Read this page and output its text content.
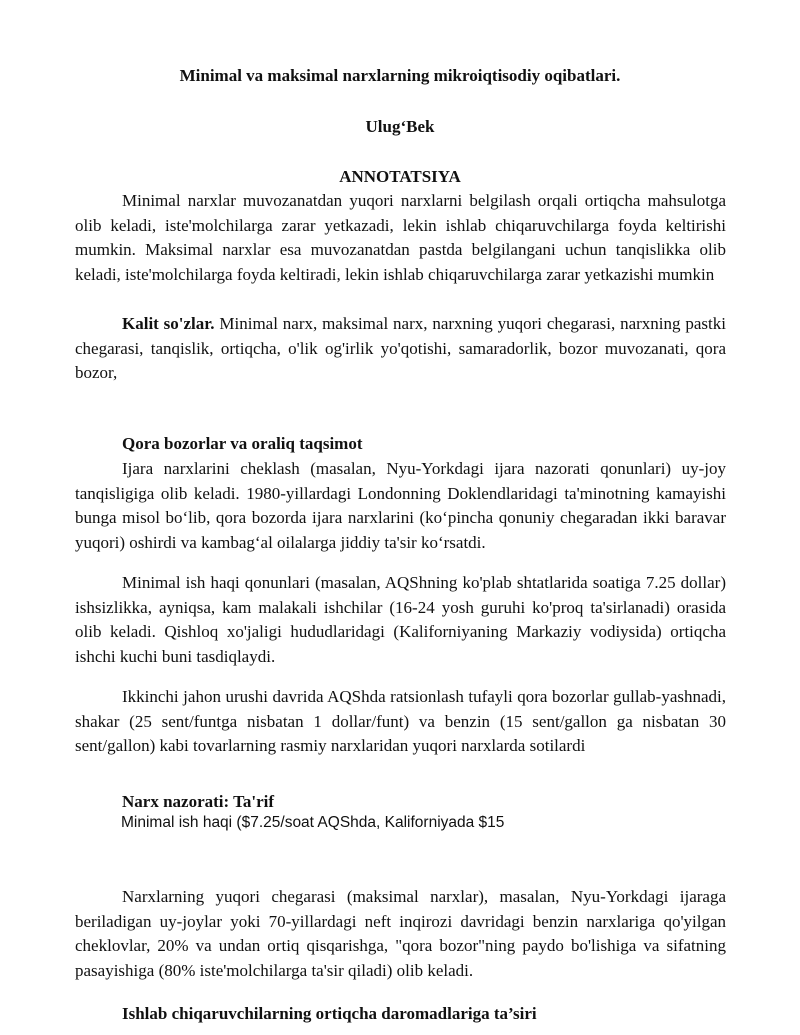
Minimal va maksimal narxlarning mikroiqtisodiy oqibatlari.
Ulug‘Bek
ANNOTATSIYA

Minimal narxlar muvozanatdan yuqori narxlarni belgilash orqali ortiqcha mahsulotga olib keladi, iste'molchilarga zarar yetkazadi, lekin ishlab chiqaruvchilarga foyda keltirishi mumkin. Maksimal narxlar esa muvozanatdan pastda belgilangani uchun tanqislikka olib keladi, iste'molchilarga foyda keltiradi, lekin ishlab chiqaruvchilarga zarar yetkazishi mumkin

Kalit so'zlar. Minimal narx, maksimal narx, narxning yuqori chegarasi, narxning pastki chegarasi, tanqislik, ortiqcha, o'lik og'irlik yo'qotishi, samaradorlik, bozor muvozanati, qora bozor,

Qora bozorlar va oraliq taqsimot

Ijara narxlarini cheklash (masalan, Nyu-Yorkdagi ijara nazorati qonunlari) uy-joy tanqisligiga olib keladi. 1980-yillardagi Londonning Doklendlaridagi ta'minotning kamayishi bunga misol bo‘lib, qora bozorda ijara narxlarini (ko‘pincha qonuniy chegaradan ikki baravar yuqori) oshirdi va kambag‘al oilalarga jiddiy ta'sir ko‘rsatdi.

Minimal ish haqi qonunlari (masalan, AQShning ko'plab shtatlarida soatiga 7.25 dollar) ishsizlikka, ayniqsa, kam malakali ishchilar (16-24 yosh guruhi ko'proq ta'sirlanadi) orasida olib keladi. Qishloq xo'jaligi hududlaridagi (Kaliforniyaning Markaziy vodiysida) ortiqcha ishchi kuchi buni tasdiqlaydi.

Ikkinchi jahon urushi davrida AQShda ratsionlash tufayli qora bozorlar gullab-yashnadi, shakar (25 sent/funtga nisbatan 1 dollar/funt) va benzin (15 sent/gallon ga nisbatan 30 sent/gallon) kabi tovarlarning rasmiy narxlaridan yuqori narxlarda sotilardi

Narx nazorati: Ta'rif

Minimal ish haqi ($7.25/soat AQShda, Kaliforniyada $15

Narxlarning yuqori chegarasi (maksimal narxlar), masalan, Nyu-Yorkdagi ijaraga beriladigan uy-joylar yoki 70-yillardagi neft inqirozi davridagi benzin narxlariga qo'yilgan cheklovlar, 20% va undan ortiq qisqarishga, "qora bozor"ning paydo bo'lishiga va sifatning pasayishiga (80% iste'molchilarga ta'sir qiladi) olib keladi.

Ishlab chiqaruvchilarning ortiqcha daromadlariga ta’siri
